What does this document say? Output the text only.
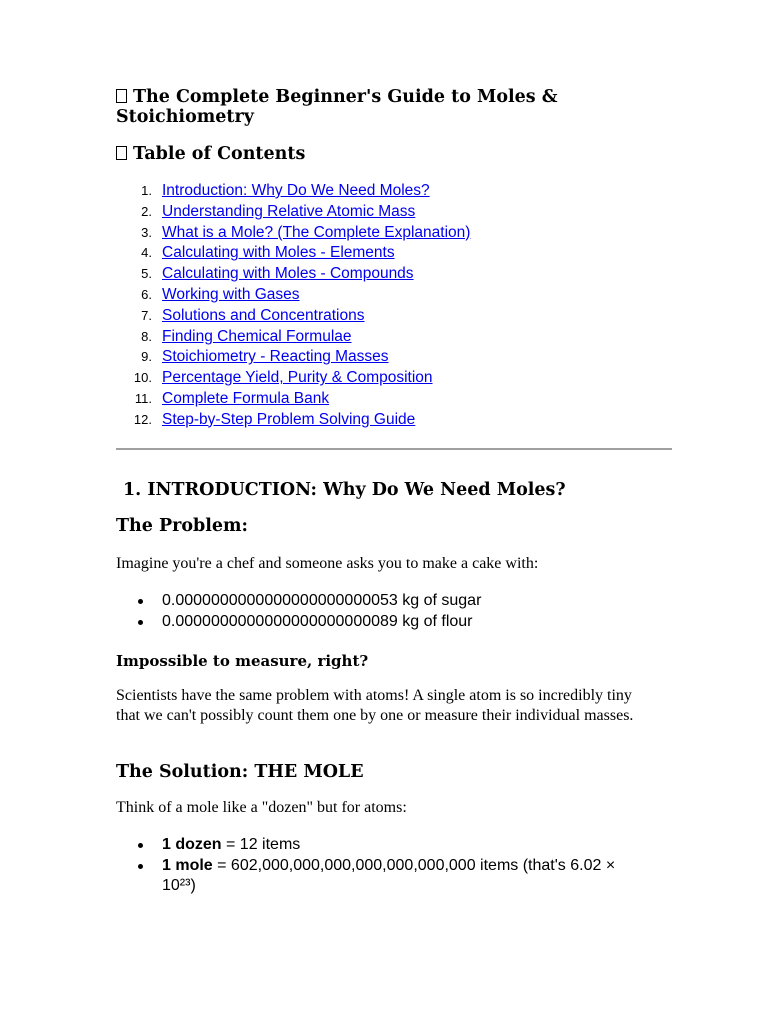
The Complete Beginner's Guide to Moles & Stoichiometry
Table of Contents
1. Introduction: Why Do We Need Moles?
2. Understanding Relative Atomic Mass
3. What is a Mole? (The Complete Explanation)
4. Calculating with Moles - Elements
5. Calculating with Moles - Compounds
6. Working with Gases
7. Solutions and Concentrations
8. Finding Chemical Formulae
9. Stoichiometry - Reacting Masses
10. Percentage Yield, Purity & Composition
11. Complete Formula Bank
12. Step-by-Step Problem Solving Guide
1. INTRODUCTION: Why Do We Need Moles?
The Problem:

Imagine you're a chef and someone asks you to make a cake with:

0.0000000000000000000000053 kg of sugar
0.0000000000000000000000089 kg of flour

Impossible to measure, right?

Scientists have the same problem with atoms! A single atom is so incredibly tiny that we can't possibly count them one by one or measure their individual masses.

The Solution: THE MOLE

Think of a mole like a "dozen" but for atoms:

1 dozen = 12 items
1 mole = 602,000,000,000,000,000,000,000 items (that's 6.02 × 10²³)
